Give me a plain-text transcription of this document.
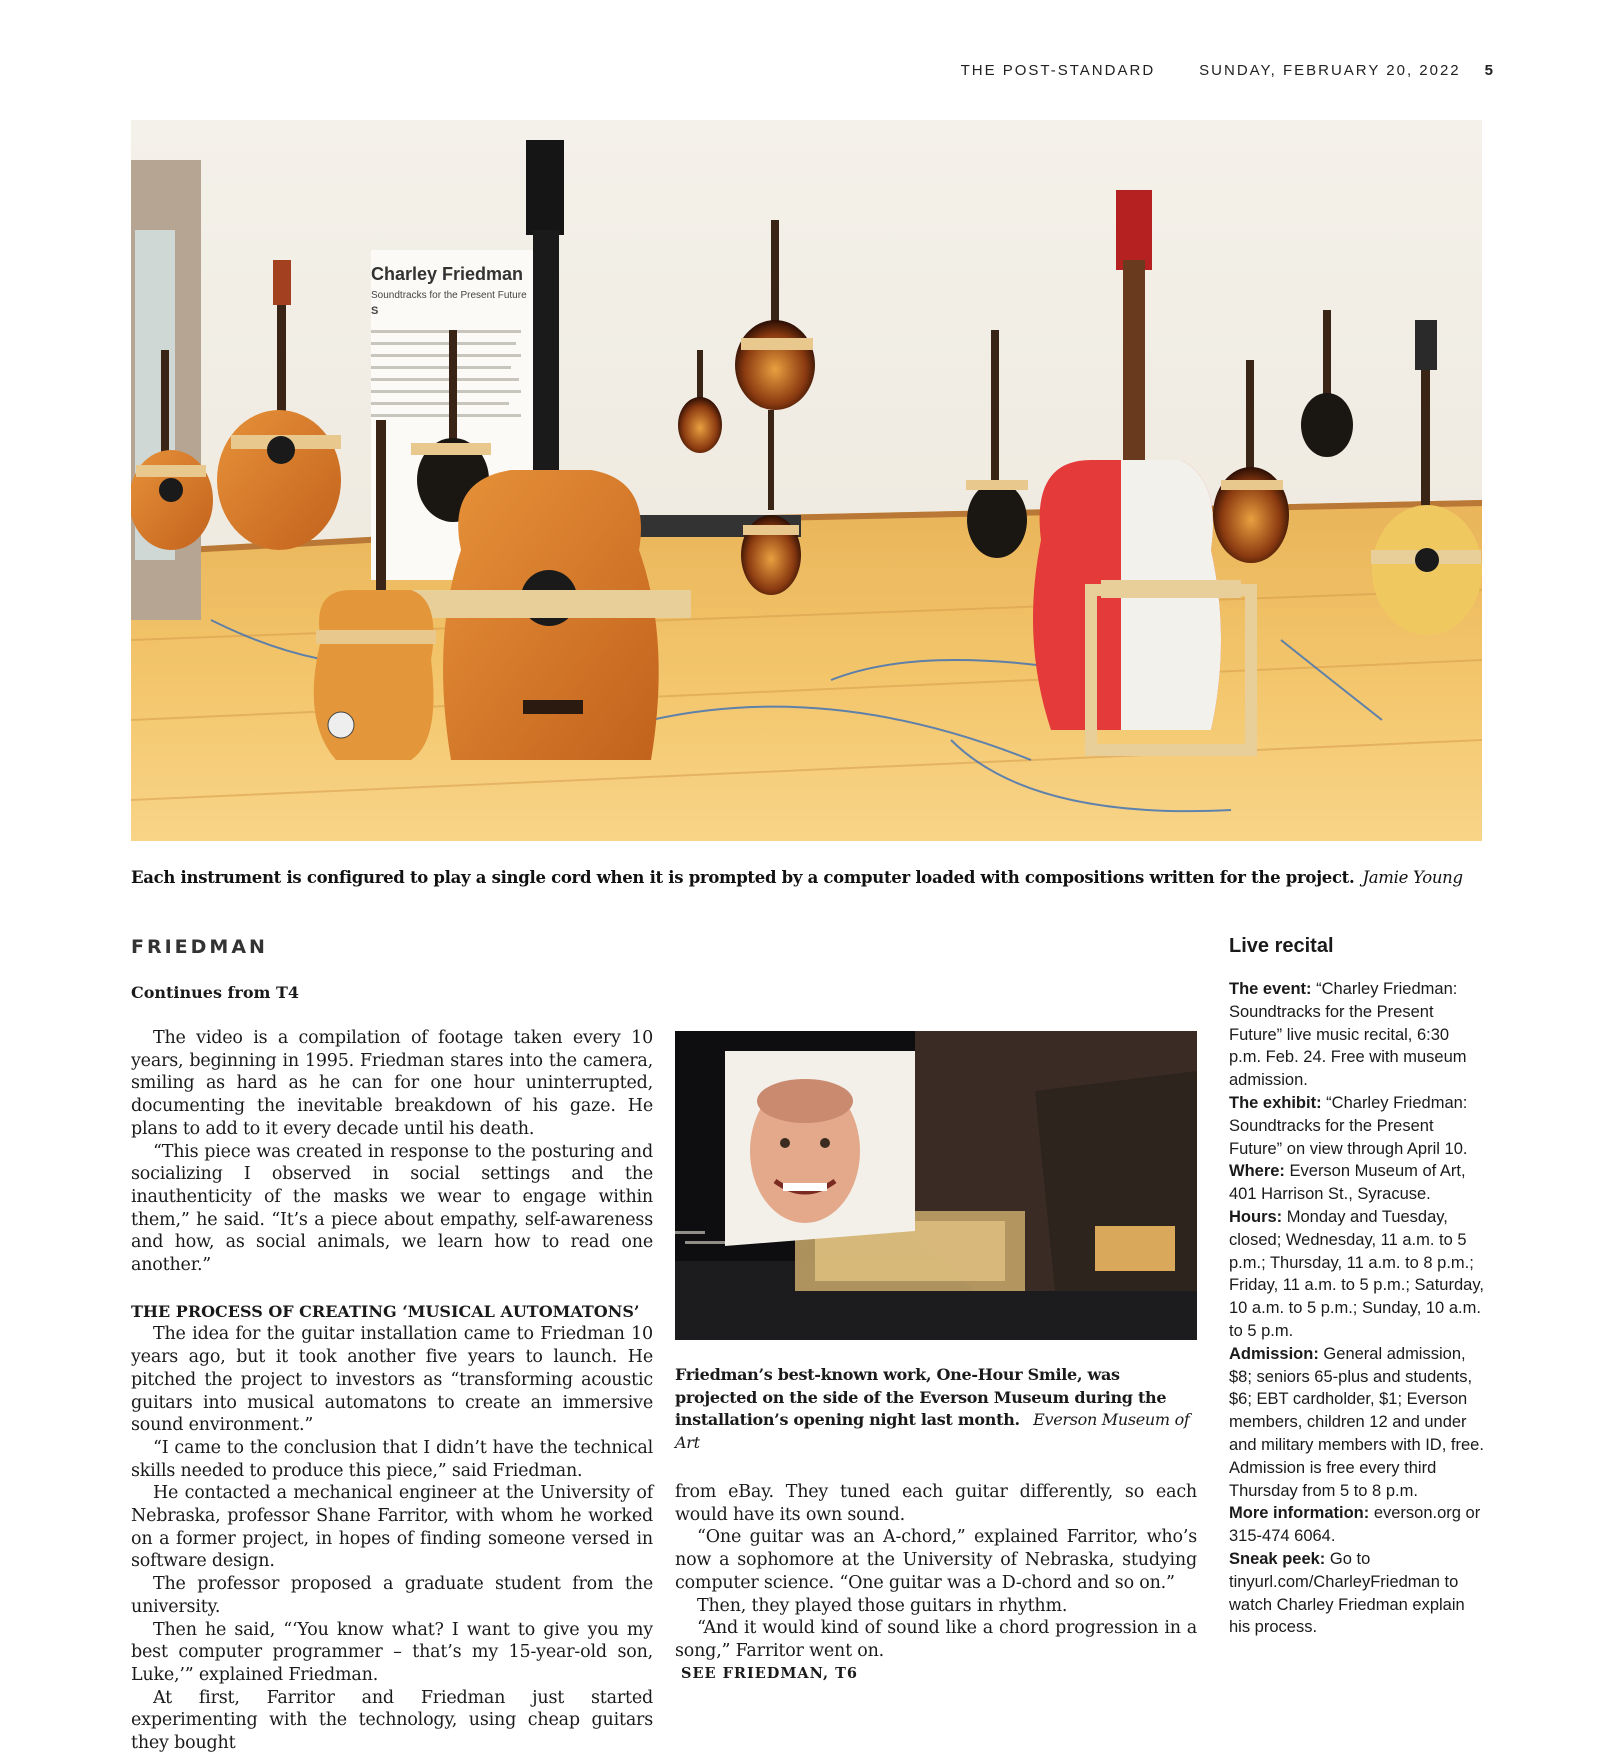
THE POST-STANDARD	SUNDAY, FEBRUARY 20, 2022 5
Charley Friedman
Soundtracks for the Present Future
S
Each instrument is configured to play a single cord when it is prompted by a computer loaded with compositions written for the project. Jamie Young
FRIEDMAN
Continues from T4

The video is a compilation of footage taken every 10 years, beginning in 1995. Friedman stares into the camera, smiling as hard as he can for one hour uninterrupted, documenting the inevitable breakdown of his gaze. He plans to add to it every decade until his death.

“This piece was created in response to the posturing and socializing I observed in social settings and the inauthenticity of the masks we wear to engage within them,” he said. “It’s a piece about empathy, self-awareness and how, as social animals, we learn how to read one another.”

THE PROCESS OF CREATING ‘MUSICAL AUTOMATONS’

The idea for the guitar installation came to Friedman 10 years ago, but it took another five years to launch. He pitched the project to investors as “transforming acoustic guitars into musical automatons to create an immersive sound environment.”

“I came to the conclusion that I didn’t have the technical skills needed to produce this piece,” said Friedman.

He contacted a mechanical engineer at the University of Nebraska, professor Shane Farritor, with whom he worked on a former project, in hopes of finding someone versed in software design.

The professor proposed a graduate student from the university.

Then he said, “‘You know what? I want to give you my best computer programmer – that’s my 15-year-old son, Luke,’” explained Friedman.

At first, Farritor and Friedman just started experimenting with the technology, using cheap guitars they bought

Friedman’s best-known work, One-Hour Smile, was projected on the side of the Everson Museum during the installation’s opening night last month. Everson Museum of Art

from eBay. They tuned each guitar differently, so each would have its own sound.

“One guitar was an A-chord,” explained Farritor, who’s now a sophomore at the University of Nebraska, studying computer science. “One guitar was a D-chord and so on.”

Then, they played those guitars in rhythm.

“And it would kind of sound like a chord progression in a song,” Farritor went on.

SEE FRIEDMAN, T6

Live recital
The event: “Charley Friedman: Soundtracks for the Present Future” live music recital, 6:30 p.m. Feb. 24. Free with museum admission.
The exhibit: “Charley Friedman: Soundtracks for the Present Future” on view through April 10.
Where: Everson Museum of Art, 401 Harrison St., Syracuse.
Hours: Monday and Tuesday, closed; Wednesday, 11 a.m. to 5 p.m.; Thursday, 11 a.m. to 8 p.m.; Friday, 11 a.m. to 5 p.m.; Saturday, 10 a.m. to 5 p.m.; Sunday, 10 a.m. to 5 p.m.
Admission: General admission, $8; seniors 65-plus and students, $6; EBT cardholder, $1; Everson members, children 12 and under and military members with ID, free. Admission is free every third Thursday from 5 to 8 p.m.
More information: everson.org or 315-474 6064.
Sneak peek: Go to tinyurl.com/CharleyFriedman to watch Charley Friedman explain his process.
